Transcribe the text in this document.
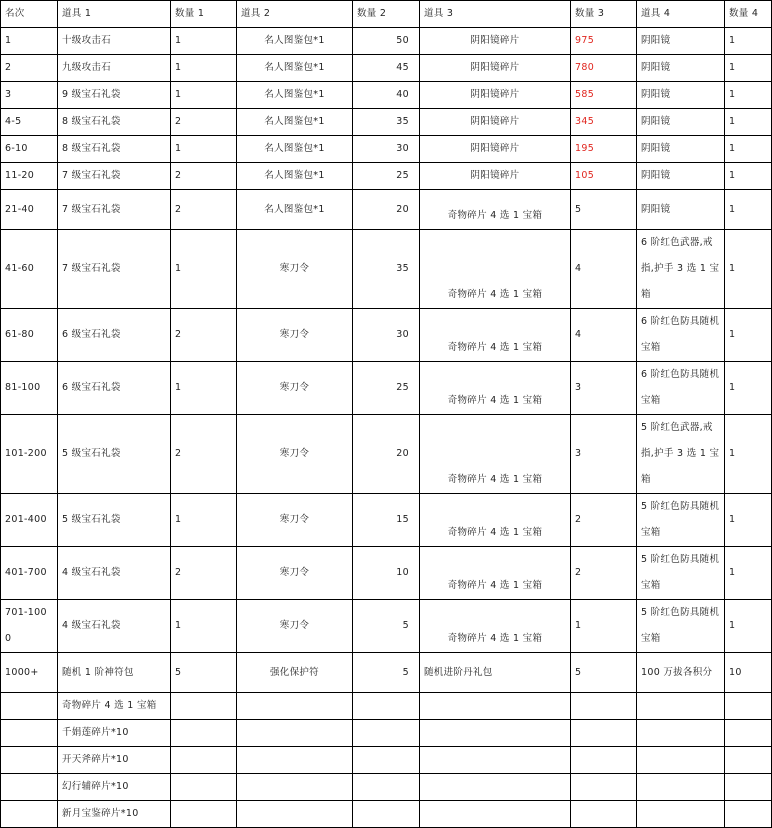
名次	道具 1	数量 1	道具 2	数量 2	道具 3	数量 3	道具 4	数量 4
1	十级攻击石	1	名人图鉴包*1	50	阴阳镜碎片	975	阴阳镜	1
2	九级攻击石	1	名人图鉴包*1	45	阴阳镜碎片	780	阴阳镜	1
3	9 级宝石礼袋	1	名人图鉴包*1	40	阴阳镜碎片	585	阴阳镜	1
4-5	8 级宝石礼袋	2	名人图鉴包*1	35	阴阳镜碎片	345	阴阳镜	1
6-10	8 级宝石礼袋	1	名人图鉴包*1	30	阴阳镜碎片	195	阴阳镜	1
11-20	7 级宝石礼袋	2	名人图鉴包*1	25	阴阳镜碎片	105	阴阳镜	1
21-40	7 级宝石礼袋	2	名人图鉴包*1	20	奇物碎片 4 选 1 宝箱	5	阴阳镜	1
41-60	7 级宝石礼袋	1	寒刀令	35	奇物碎片 4 选 1 宝箱	4	6 阶红色武器,戒指,护手 3 选 1 宝箱	1
61-80	6 级宝石礼袋	2	寒刀令	30	奇物碎片 4 选 1 宝箱	4	6 阶红色防具随机宝箱	1
81-100	6 级宝石礼袋	1	寒刀令	25	奇物碎片 4 选 1 宝箱	3	6 阶红色防具随机宝箱	1
101-200	5 级宝石礼袋	2	寒刀令	20	奇物碎片 4 选 1 宝箱	3	5 阶红色武器,戒指,护手 3 选 1 宝箱	1
201-400	5 级宝石礼袋	1	寒刀令	15	奇物碎片 4 选 1 宝箱	2	5 阶红色防具随机宝箱	1
401-700	4 级宝石礼袋	2	寒刀令	10	奇物碎片 4 选 1 宝箱	2	5 阶红色防具随机宝箱	1
701-1000	4 级宝石礼袋	1	寒刀令	5	奇物碎片 4 选 1 宝箱	1	5 阶红色防具随机宝箱	1
1000+	随机 1 阶神符包	5	强化保护符	5	随机进阶丹礼包	5	100 万拔各积分	10
	奇物碎片 4 选 1 宝箱							
	千娟莲碎片*10							
	开天斧碎片*10							
	幻行辅碎片*10							
	新月宝鉴碎片*10							
